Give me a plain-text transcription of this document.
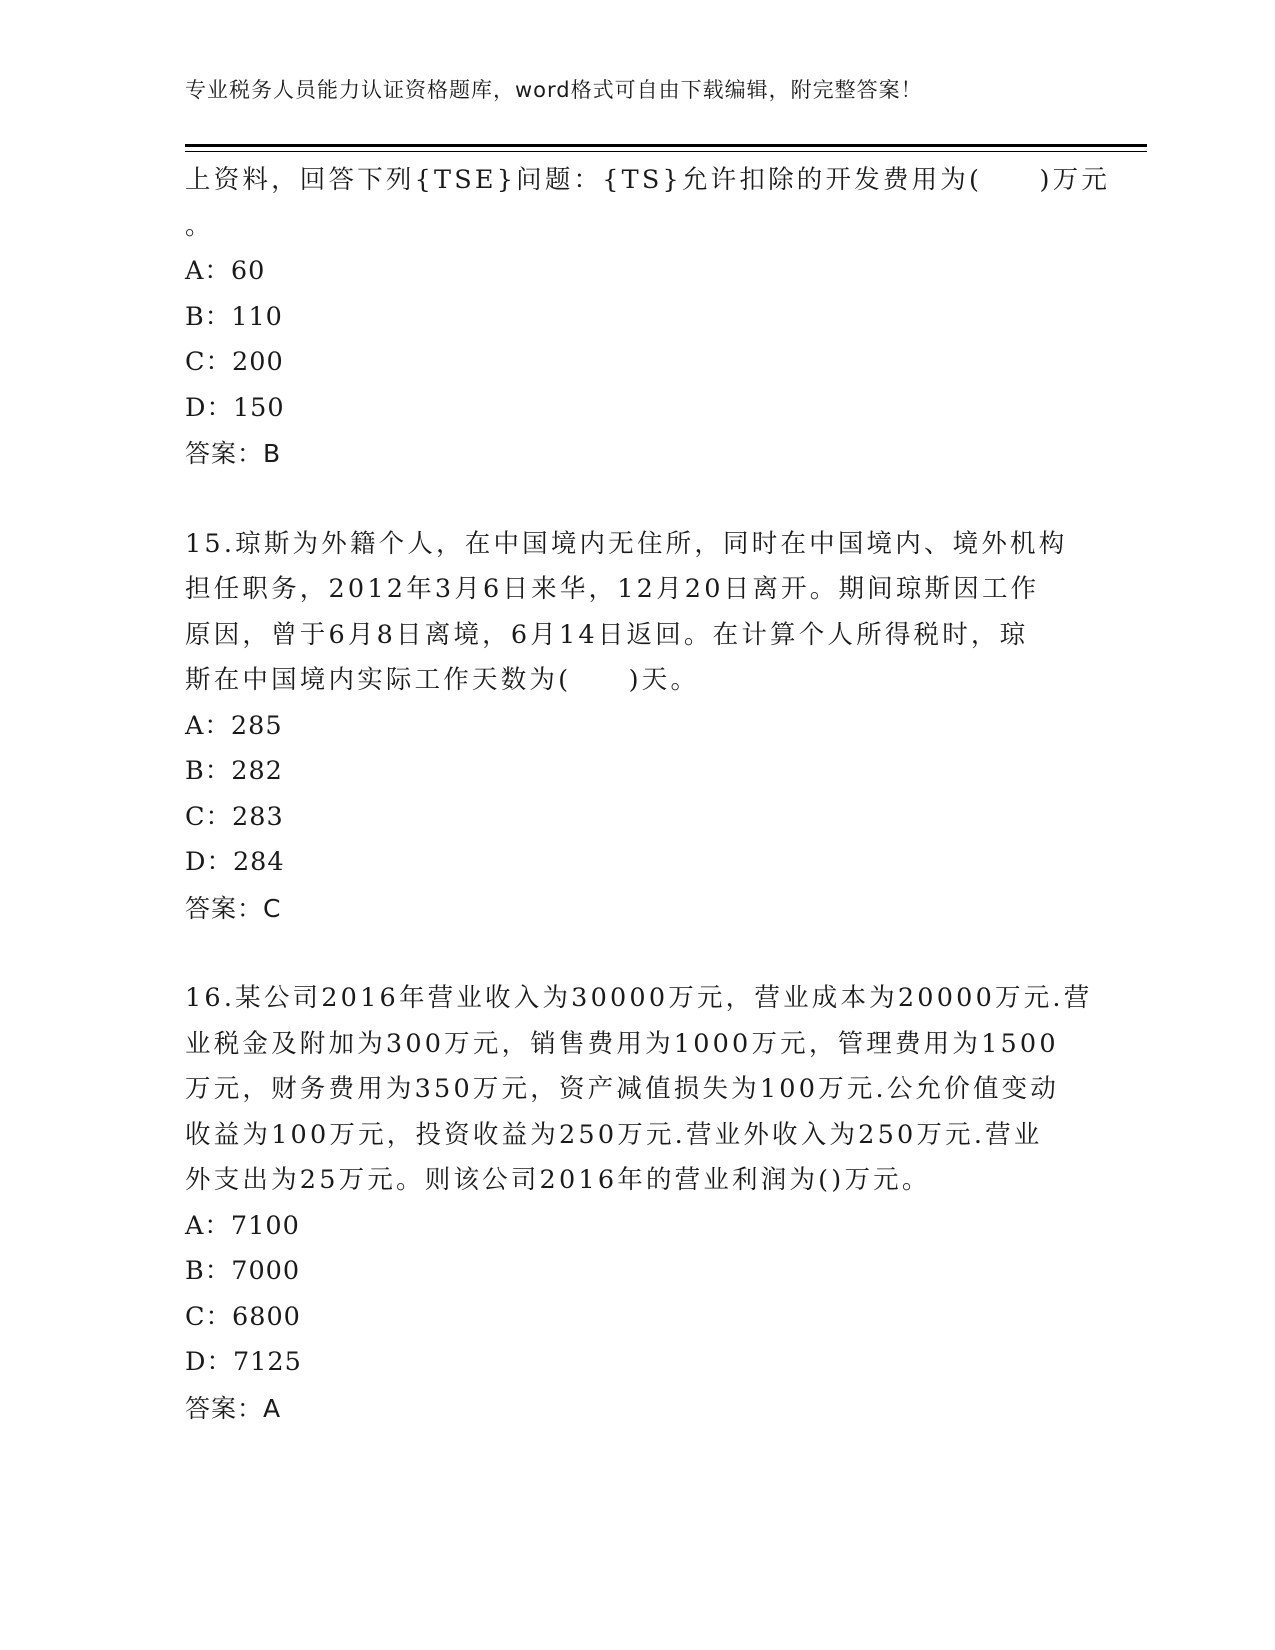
专业税务人员能力认证资格题库，word格式可自由下载编辑，附完整答案！
上资料，回答下列{TSE}问题：{TS}允许扣除的开发费用为(　　)万元
。
A：60
B：110
C：200
D：150
答案：B
15.琼斯为外籍个人，在中国境内无住所，同时在中国境内、境外机构
担任职务，2012年3月6日来华，12月20日离开。期间琼斯因工作
原因，曾于6月8日离境，6月14日返回。在计算个人所得税时，琼
斯在中国境内实际工作天数为(　　)天。
A：285
B：282
C：283
D：284
答案：C
16.某公司2016年营业收入为30000万元，营业成本为20000万元.营
业税金及附加为300万元，销售费用为1000万元，管理费用为1500
万元，财务费用为350万元，资产减值损失为100万元.公允价值变动
收益为100万元，投资收益为250万元.营业外收入为250万元.营业
外支出为25万元。则该公司2016年的营业利润为()万元。
A：7100
B：7000
C：6800
D：7125
答案：A
